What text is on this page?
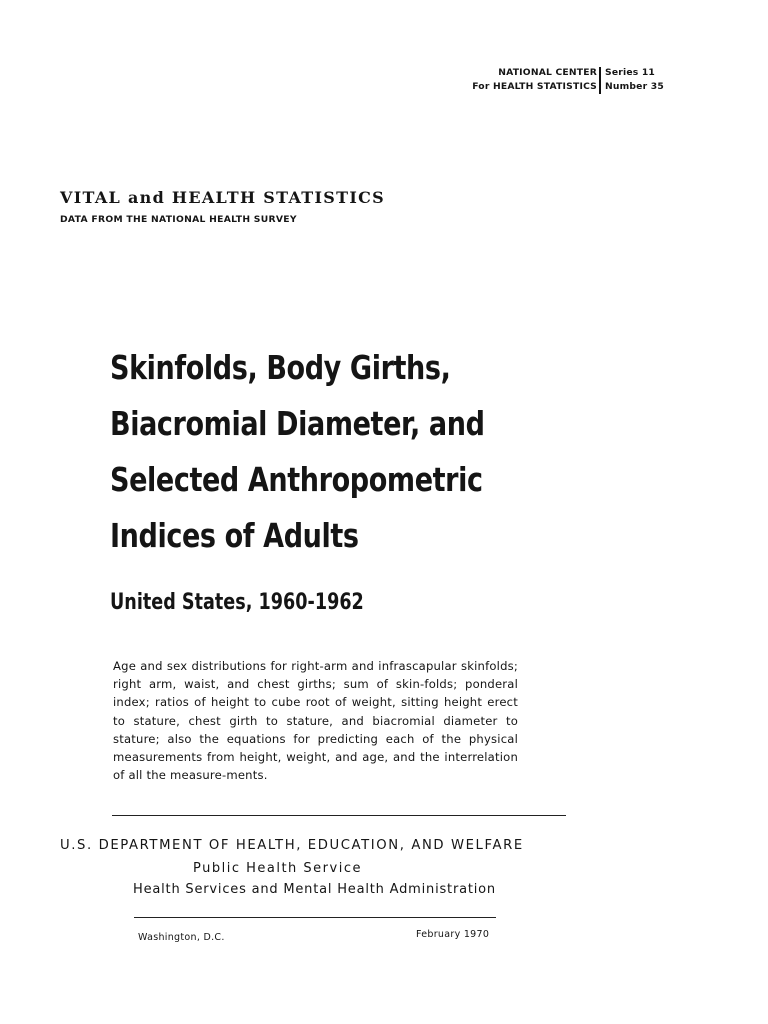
NATIONAL CENTER
For HEALTH STATISTICS
Series 11
Number 35
VITAL and HEALTH STATISTICS
DATA FROM THE NATIONAL HEALTH SURVEY
Skinfolds, Body Girths,
Biacromial Diameter, and
Selected Anthropometric
Indices of Adults
United States, 1960-1962
Age and sex distributions for right-arm and infrascapular skinfolds; right arm, waist, and chest girths; sum of skin-folds; ponderal index; ratios of height to cube root of weight, sitting height erect to stature, chest girth to stature, and biacromial diameter to stature; also the equations for predicting each of the physical measurements from height, weight, and age, and the interrelation of all the measure-ments.
U.S. DEPARTMENT OF HEALTH, EDUCATION, AND WELFARE
Public Health Service
Health Services and Mental Health Administration
Washington, D.C.	February 1970
